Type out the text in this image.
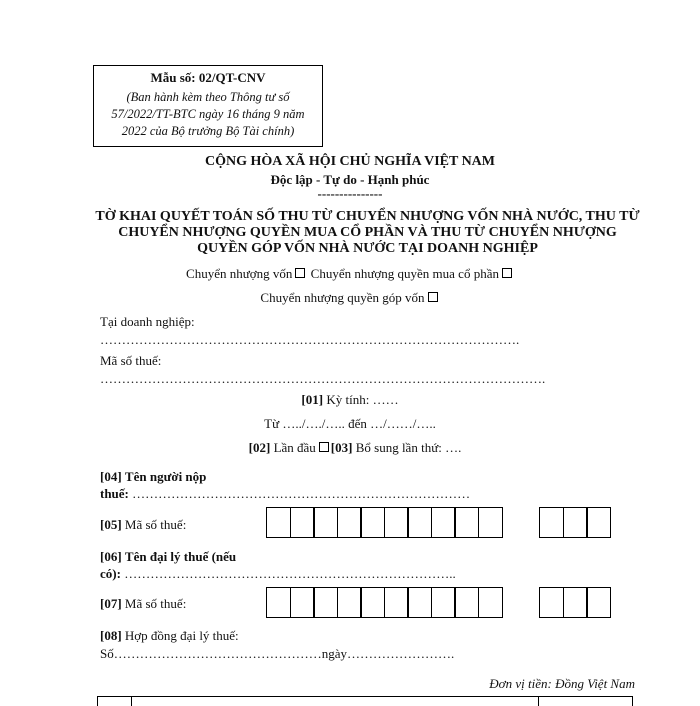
Mẫu số: 02/QT-CNV
(Ban hành kèm theo Thông tư số 57/2022/TT-BTC ngày 16 tháng 9 năm 2022 của Bộ trưởng Bộ Tài chính)
CỘNG HÒA XÃ HỘI CHỦ NGHĨA VIỆT NAM
Độc lập - Tự do - Hạnh phúc
---------------
TỜ KHAI QUYẾT TOÁN SỐ THU TỪ CHUYỂN NHƯỢNG VỐN NHÀ NƯỚC, THU TỪ CHUYỂN NHƯỢNG QUYỀN MUA CỔ PHẦN VÀ THU TỪ CHUYỂN NHƯỢNG QUYỀN GÓP VỐN NHÀ NƯỚC TẠI DOANH NGHIỆP
Chuyển nhượng vốn Chuyển nhượng quyền mua cổ phần
Chuyển nhượng quyền góp vốn
Tại doanh nghiệp:
…………………………………………………………………………………….
Mã số thuế:
………………………………………………………………………………………….
[01] Kỳ tính: ……
Từ …../…./….. đến …/……/…..
[02] Lần đầu [03] Bổ sung lần thứ: ….
[04] Tên người nộp
thuế: ……………………………………………………………………
[05] Mã số thuế:
[06] Tên đại lý thuế (nếu
có): …………………………………………………………………..
[07] Mã số thuế:
[08] Hợp đồng đại lý thuế:
Số…………………………………………ngày…………………….
Đơn vị tiền: Đồng Việt Nam
